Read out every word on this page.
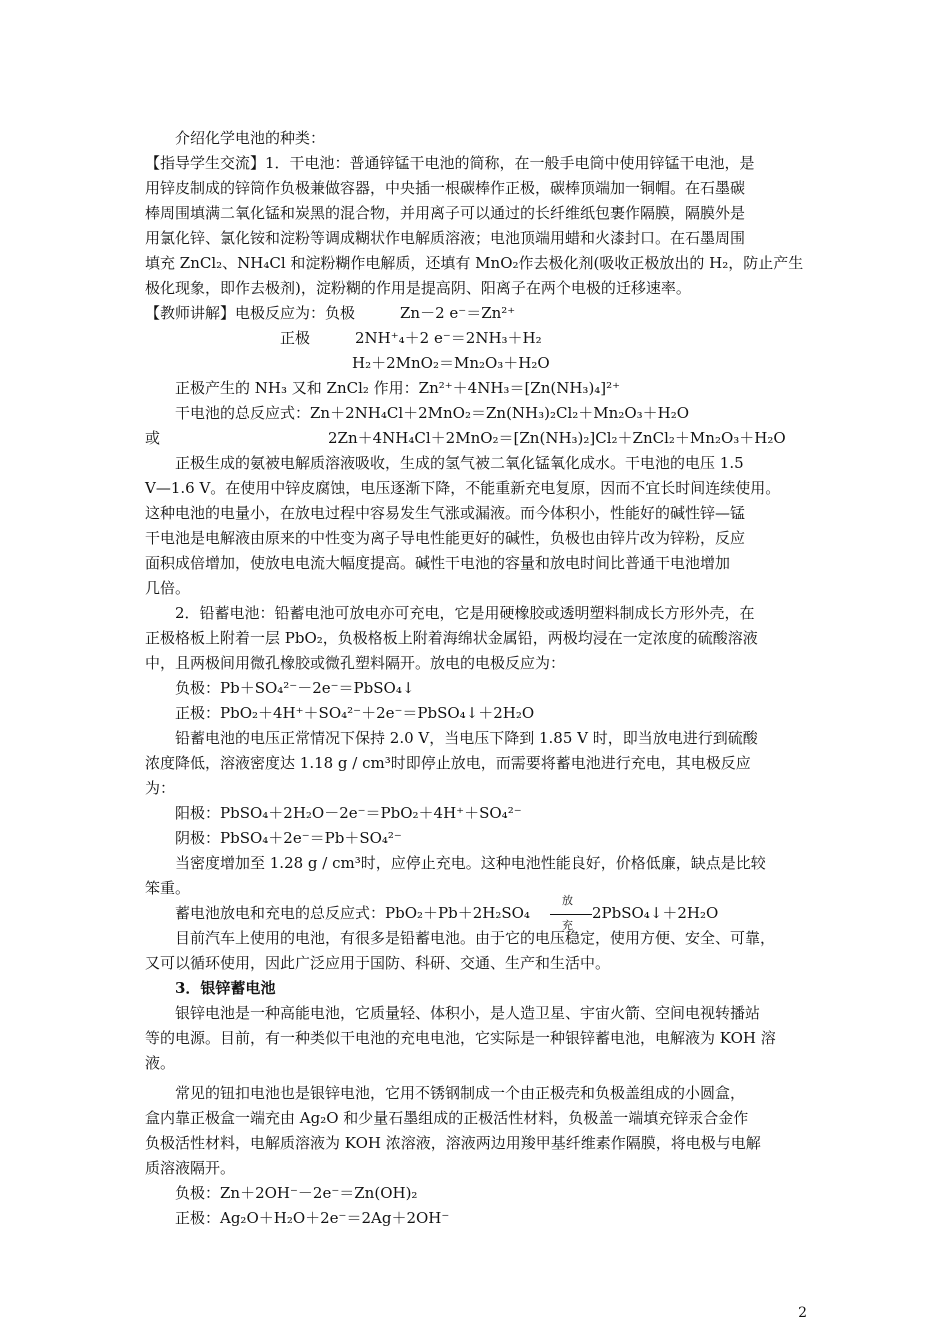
介绍化学电池的种类：
【指导学生交流】1．干电池：普通锌锰干电池的简称，在一般手电筒中使用锌锰干电池，是
用锌皮制成的锌筒作负极兼做容器，中央插一根碳棒作正极，碳棒顶端加一铜帽。在石墨碳
棒周围填满二氧化锰和炭黑的混合物，并用离子可以通过的长纤维纸包裹作隔膜，隔膜外是
用氯化锌、氯化铵和淀粉等调成糊状作电解质溶液；电池顶端用蜡和火漆封口。在石墨周围
填充 ZnCl₂、NH₄Cl 和淀粉糊作电解质，还填有 MnO₂作去极化剂(吸收正极放出的 H₂，防止产生
极化现象，即作去极剂)，淀粉糊的作用是提高阴、阳离子在两个电极的迁移速率。
【教师讲解】电极反应为：负极　　　Zn－2 e⁻＝Zn²⁺
正极　　　2NH⁺₄＋2 e⁻＝2NH₃＋H₂
H₂＋2MnO₂＝Mn₂O₃＋H₂O
正极产生的 NH₃ 又和 ZnCl₂ 作用：Zn²⁺＋4NH₃＝[Zn(NH₃)₄]²⁺
干电池的总反应式：Zn＋2NH₄Cl＋2MnO₂＝Zn(NH₃)₂Cl₂＋Mn₂O₃＋H₂O
或	2Zn＋4NH₄Cl＋2MnO₂＝[Zn(NH₃)₂]Cl₂＋ZnCl₂＋Mn₂O₃＋H₂O
正极生成的氨被电解质溶液吸收，生成的氢气被二氧化锰氧化成水。干电池的电压 1.5
V—1.6 V。在使用中锌皮腐蚀，电压逐渐下降，不能重新充电复原，因而不宜长时间连续使用。
这种电池的电量小，在放电过程中容易发生气涨或漏液。而今体积小，性能好的碱性锌—锰
干电池是电解液由原来的中性变为离子导电性能更好的碱性，负极也由锌片改为锌粉，反应
面积成倍增加，使放电电流大幅度提高。碱性干电池的容量和放电时间比普通干电池增加
几倍。
2．铅蓄电池：铅蓄电池可放电亦可充电，它是用硬橡胶或透明塑料制成长方形外壳，在
正极格板上附着一层 PbO₂，负极格板上附着海绵状金属铅，两极均浸在一定浓度的硫酸溶液
中，且两极间用微孔橡胶或微孔塑料隔开。放电的电极反应为：
负极：Pb＋SO₄²⁻－2e⁻＝PbSO₄↓
正极：PbO₂＋4H⁺＋SO₄²⁻＋2e⁻＝PbSO₄↓＋2H₂O
铅蓄电池的电压正常情况下保持 2.0 V，当电压下降到 1.85 V 时，即当放电进行到硫酸
浓度降低，溶液密度达 1.18 g / cm³时即停止放电，而需要将蓄电池进行充电，其电极反应
为：
阳极：PbSO₄＋2H₂O－2e⁻＝PbO₂＋4H⁺＋SO₄²⁻
阴极：PbSO₄＋2e⁻＝Pb＋SO₄²⁻
当密度增加至 1.28 g / cm³时，应停止充电。这种电池性能良好，价格低廉，缺点是比较
笨重。
蓄电池放电和充电的总反应式：PbO₂＋Pb＋2H₂SO₄
放
充
2PbSO₄↓＋2H₂O
目前汽车上使用的电池，有很多是铅蓄电池。由于它的电压稳定，使用方便、安全、可靠，
又可以循环使用，因此广泛应用于国防、科研、交通、生产和生活中。
3．银锌蓄电池
银锌电池是一种高能电池，它质量轻、体积小，是人造卫星、宇宙火箭、空间电视转播站
等的电源。目前，有一种类似干电池的充电电池，它实际是一种银锌蓄电池，电解液为 KOH 溶
液。
常见的钮扣电池也是银锌电池，它用不锈钢制成一个由正极壳和负极盖组成的小圆盒，
盒内靠正极盒一端充由 Ag₂O 和少量石墨组成的正极活性材料，负极盖一端填充锌汞合金作
负极活性材料，电解质溶液为 KOH 浓溶液，溶液两边用羧甲基纤维素作隔膜，将电极与电解
质溶液隔开。
负极：Zn＋2OH⁻－2e⁻＝Zn(OH)₂
正极：Ag₂O＋H₂O＋2e⁻＝2Ag＋2OH⁻
2
